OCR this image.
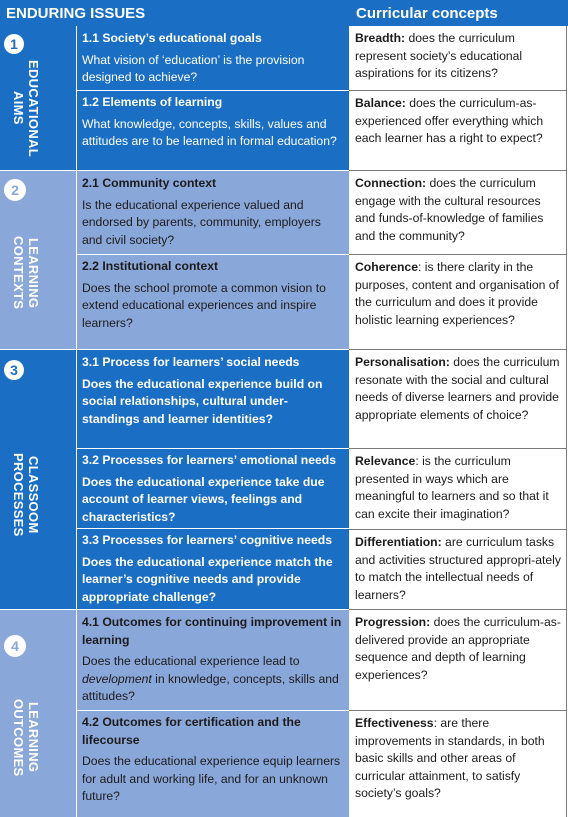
ENDURING ISSUES	Curricular concepts
1
EDUCATIONAL
AIMS
1.1 Society’s educational goals
What vision of ‘education’ is the provision designed to achieve?
1.2 Elements of learning
What knowledge, concepts, skills, values and attitudes are to be learned in formal education?
2
LEARNING
CONTEXTS
2.1 Community context
Is the educational experience valued and endorsed by parents, community, employers and civil society?
2.2 Institutional context
Does the school promote a common vision to extend educational experiences and inspire learners?
3
CLASSOOM
PROCESSES
3.1 Process for learners’ social needs
Does the educational experience build on social relationships, cultural under-standings and learner identities?
3.2 Processes for learners’ emotional needs
Does the educational experience take due account of learner views, feelings and characteristics?
3.3 Processes for learners’ cognitive needs
Does the educational experience match the learner’s cognitive needs and provide appropriate challenge?
4
LEARNING
OUTCOMES
4.1 Outcomes for continuing improvement in learning
Does the educational experience lead to development in knowledge, concepts, skills and attitudes?
4.2 Outcomes for certification and the lifecourse
Does the educational experience equip learners for adult and working life, and for an unknown future?
Breadth: does the curriculum represent society’s educational aspirations for its citizens?
Balance: does the curriculum-as-experienced offer everything which each learner has a right to expect?
Connection: does the curriculum engage with the cultural resources and funds-of-knowledge of families and the community?
Coherence: is there clarity in the purposes, content and organisation of the curriculum and does it provide holistic learning experiences?
Personalisation: does the curriculum resonate with the social and cultural needs of diverse learners and provide appropriate elements of choice?
Relevance: is the curriculum presented in ways which are meaningful to learners and so that it can excite their imagination?
Differentiation: are curriculum tasks and activities structured appropri-ately to match the intellectual needs of learners?
Progression: does the curriculum-as-delivered provide an appropriate sequence and depth of learning experiences?
Effectiveness: are there improvements in standards, in both basic skills and other areas of curricular attainment, to satisfy society’s goals?
